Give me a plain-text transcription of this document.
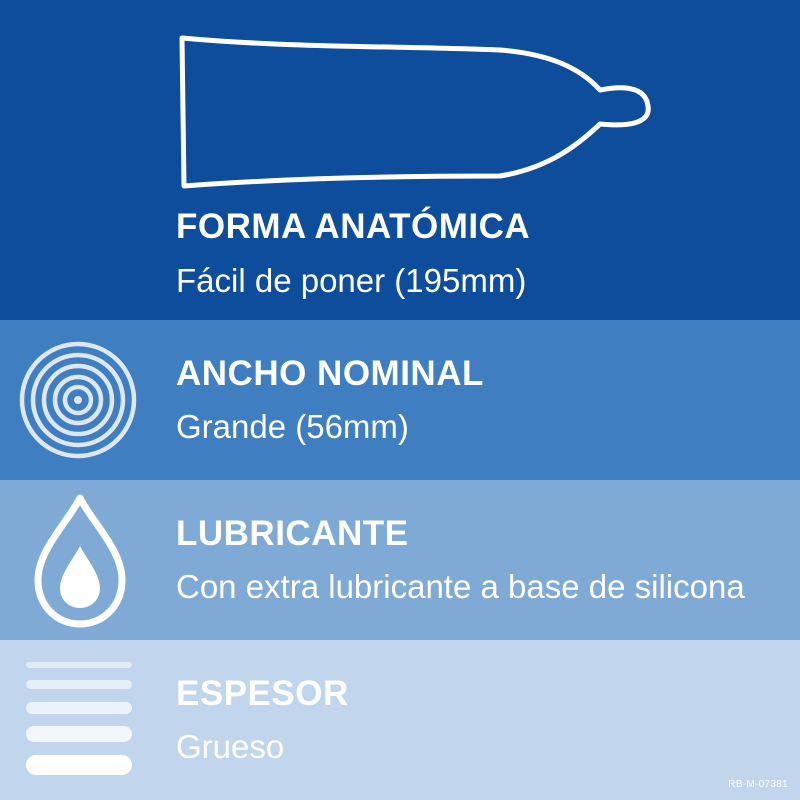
FORMA ANATÓMICA
Fácil de poner (195mm)
ANCHO NOMINAL
Grande (56mm)
LUBRICANTE
Con extra lubricante a base de silicona
ESPESOR
Grueso
RB-M-07381
